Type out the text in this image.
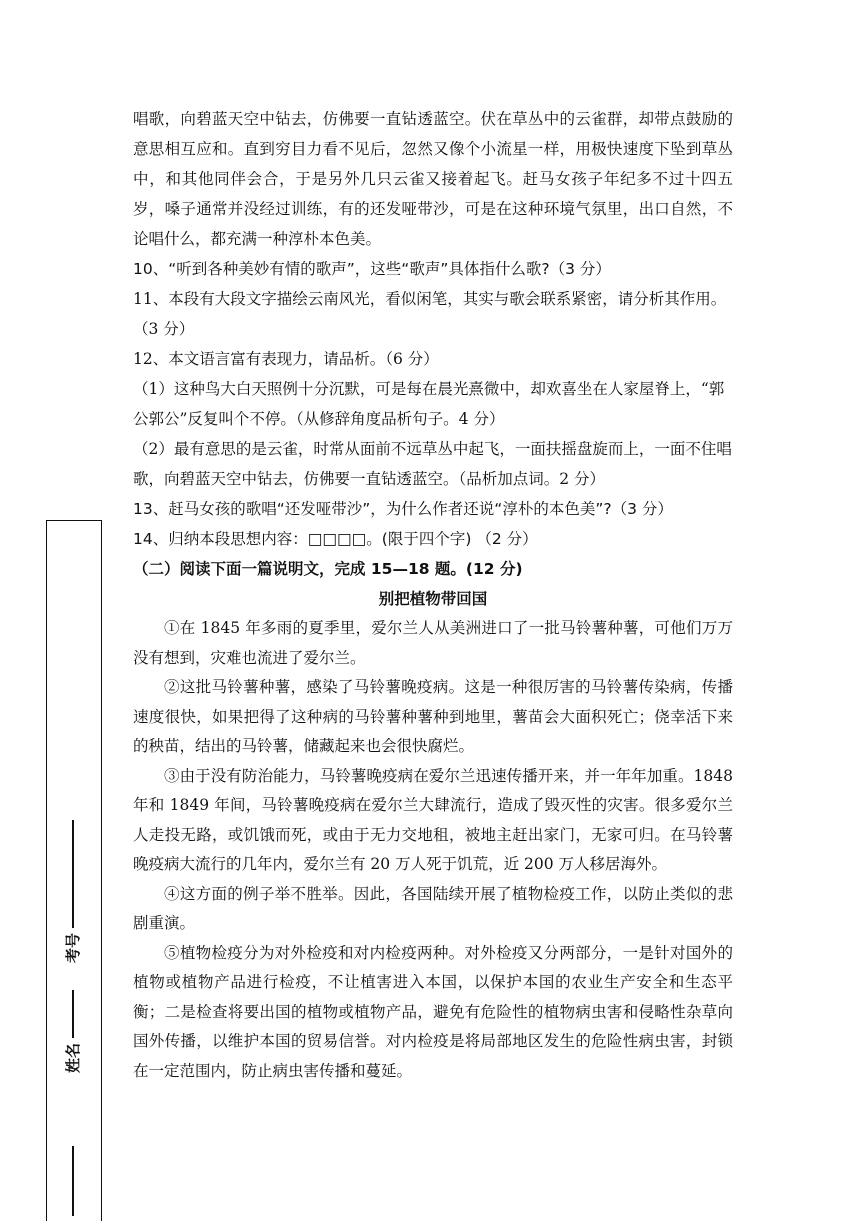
考号
姓名

唱歌，向碧蓝天空中钻去，仿佛要一直钻透蓝空。伏在草丛中的云雀群，却带点鼓励的意思相互应和。直到穷目力看不见后，忽然又像个小流星一样，用极快速度下坠到草丛中，和其他同伴会合，于是另外几只云雀又接着起飞。赶马女孩子年纪多不过十四五岁，嗓子通常并没经过训练，有的还发哑带沙，可是在这种环境气氛里，出口自然，不论唱什么，都充满一种淳朴本色美。

10、“听到各种美妙有情的歌声”，这些“歌声”具体指什么歌?（3 分）

11、本段有大段文字描绘云南风光，看似闲笔，其实与歌会联系紧密，请分析其作用。（3 分）

12、本文语言富有表现力，请品析。（6 分）

（1）这种鸟大白天照例十分沉默，可是每在晨光熹微中，却欢喜坐在人家屋脊上，“郭公郭公”反复叫个不停。（从修辞角度品析句子。4 分）

（2）最有意思的是云雀，时常从面前不远草丛中起飞，一面扶摇盘旋而上，一面不住唱歌，向碧蓝天空中钻去，仿佛要一直钻透蓝空。（品析加点词。2 分）

13、赶马女孩的歌唱“还发哑带沙”，为什么作者还说“淳朴的本色美”?（3 分）

14、归纳本段思想内容：□□□□。(限于四个字) （2 分）

（二）阅读下面一篇说明文，完成 15—18 题。(12 分)

别把植物带回国

①在 1845 年多雨的夏季里，爱尔兰人从美洲进口了一批马铃薯种薯，可他们万万没有想到，灾难也流进了爱尔兰。

②这批马铃薯种薯，感染了马铃薯晚疫病。这是一种很厉害的马铃薯传染病，传播速度很快，如果把得了这种病的马铃薯种薯种到地里，薯苗会大面积死亡；侥幸活下来的秧苗，结出的马铃薯，储藏起来也会很快腐烂。

③由于没有防治能力，马铃薯晚疫病在爱尔兰迅速传播开来，并一年年加重。1848 年和 1849 年间，马铃薯晚疫病在爱尔兰大肆流行，造成了毁灭性的灾害。很多爱尔兰人走投无路，或饥饿而死，或由于无力交地租，被地主赶出家门，无家可归。在马铃薯晚疫病大流行的几年内，爱尔兰有 20 万人死于饥荒，近 200 万人移居海外。

④这方面的例子举不胜举。因此，各国陆续开展了植物检疫工作，以防止类似的悲剧重演。

⑤植物检疫分为对外检疫和对内检疫两种。对外检疫又分两部分，一是针对国外的植物或植物产品进行检疫，不让植害进入本国，以保护本国的农业生产安全和生态平衡；二是检查将要出国的植物或植物产品，避免有危险性的植物病虫害和侵略性杂草向国外传播，以维护本国的贸易信誉。对内检疫是将局部地区发生的危险性病虫害，封锁在一定范围内，防止病虫害传播和蔓延。
